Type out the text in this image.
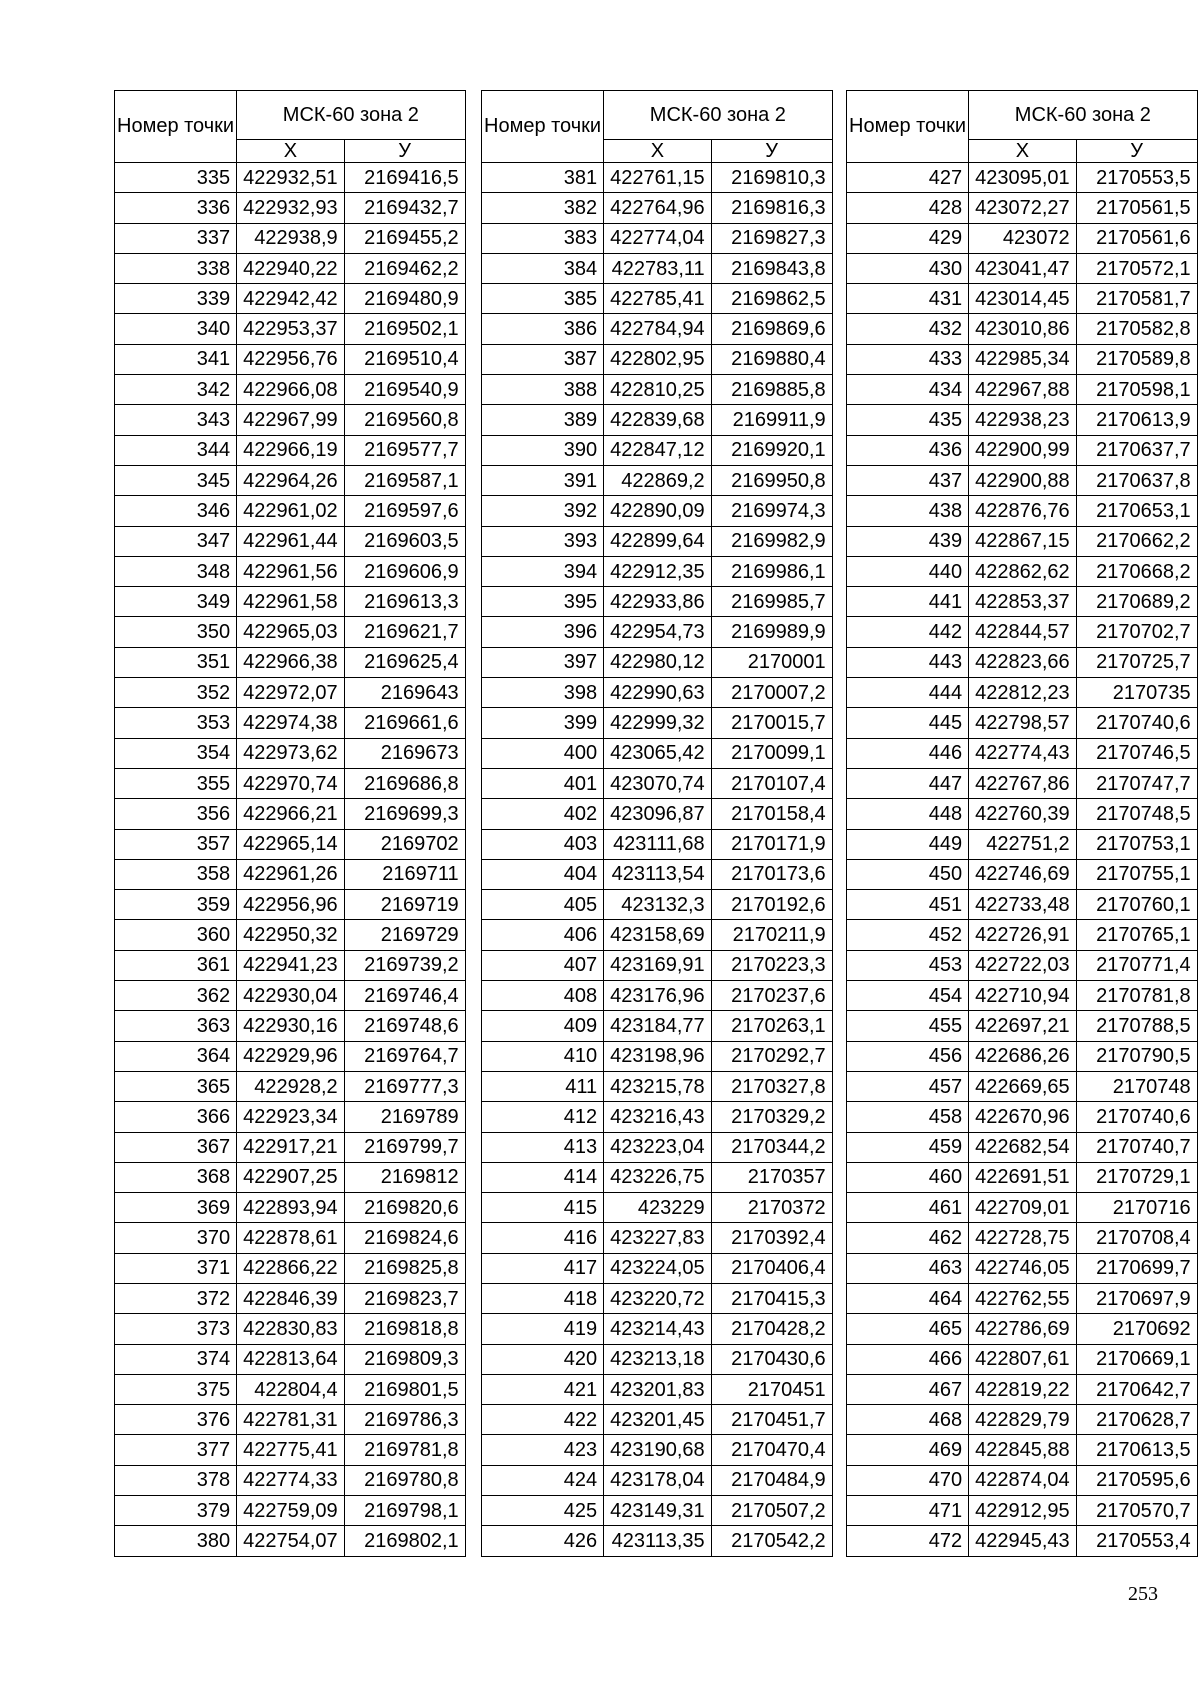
Номер точки	МСК-60 зона 2	
	Х	У
335	422932,51	2169416,5
336	422932,93	2169432,7
337	422938,9	2169455,2
338	422940,22	2169462,2
339	422942,42	2169480,9
340	422953,37	2169502,1
341	422956,76	2169510,4
342	422966,08	2169540,9
343	422967,99	2169560,8
344	422966,19	2169577,7
345	422964,26	2169587,1
346	422961,02	2169597,6
347	422961,44	2169603,5
348	422961,56	2169606,9
349	422961,58	2169613,3
350	422965,03	2169621,7
351	422966,38	2169625,4
352	422972,07	2169643
353	422974,38	2169661,6
354	422973,62	2169673
355	422970,74	2169686,8
356	422966,21	2169699,3
357	422965,14	2169702
358	422961,26	2169711
359	422956,96	2169719
360	422950,32	2169729
361	422941,23	2169739,2
362	422930,04	2169746,4
363	422930,16	2169748,6
364	422929,96	2169764,7
365	422928,2	2169777,3
366	422923,34	2169789
367	422917,21	2169799,7
368	422907,25	2169812
369	422893,94	2169820,6
370	422878,61	2169824,6
371	422866,22	2169825,8
372	422846,39	2169823,7
373	422830,83	2169818,8
374	422813,64	2169809,3
375	422804,4	2169801,5
376	422781,31	2169786,3
377	422775,41	2169781,8
378	422774,33	2169780,8
379	422759,09	2169798,1
380	422754,07	2169802,1
Номер точки	МСК-60 зона 2	
	Х	У
381	422761,15	2169810,3
382	422764,96	2169816,3
383	422774,04	2169827,3
384	422783,11	2169843,8
385	422785,41	2169862,5
386	422784,94	2169869,6
387	422802,95	2169880,4
388	422810,25	2169885,8
389	422839,68	2169911,9
390	422847,12	2169920,1
391	422869,2	2169950,8
392	422890,09	2169974,3
393	422899,64	2169982,9
394	422912,35	2169986,1
395	422933,86	2169985,7
396	422954,73	2169989,9
397	422980,12	2170001
398	422990,63	2170007,2
399	422999,32	2170015,7
400	423065,42	2170099,1
401	423070,74	2170107,4
402	423096,87	2170158,4
403	423111,68	2170171,9
404	423113,54	2170173,6
405	423132,3	2170192,6
406	423158,69	2170211,9
407	423169,91	2170223,3
408	423176,96	2170237,6
409	423184,77	2170263,1
410	423198,96	2170292,7
411	423215,78	2170327,8
412	423216,43	2170329,2
413	423223,04	2170344,2
414	423226,75	2170357
415	423229	2170372
416	423227,83	2170392,4
417	423224,05	2170406,4
418	423220,72	2170415,3
419	423214,43	2170428,2
420	423213,18	2170430,6
421	423201,83	2170451
422	423201,45	2170451,7
423	423190,68	2170470,4
424	423178,04	2170484,9
425	423149,31	2170507,2
426	423113,35	2170542,2
Номер точки	МСК-60 зона 2	
	Х	У
427	423095,01	2170553,5
428	423072,27	2170561,5
429	423072	2170561,6
430	423041,47	2170572,1
431	423014,45	2170581,7
432	423010,86	2170582,8
433	422985,34	2170589,8
434	422967,88	2170598,1
435	422938,23	2170613,9
436	422900,99	2170637,7
437	422900,88	2170637,8
438	422876,76	2170653,1
439	422867,15	2170662,2
440	422862,62	2170668,2
441	422853,37	2170689,2
442	422844,57	2170702,7
443	422823,66	2170725,7
444	422812,23	2170735
445	422798,57	2170740,6
446	422774,43	2170746,5
447	422767,86	2170747,7
448	422760,39	2170748,5
449	422751,2	2170753,1
450	422746,69	2170755,1
451	422733,48	2170760,1
452	422726,91	2170765,1
453	422722,03	2170771,4
454	422710,94	2170781,8
455	422697,21	2170788,5
456	422686,26	2170790,5
457	422669,65	2170748
458	422670,96	2170740,6
459	422682,54	2170740,7
460	422691,51	2170729,1
461	422709,01	2170716
462	422728,75	2170708,4
463	422746,05	2170699,7
464	422762,55	2170697,9
465	422786,69	2170692
466	422807,61	2170669,1
467	422819,22	2170642,7
468	422829,79	2170628,7
469	422845,88	2170613,5
470	422874,04	2170595,6
471	422912,95	2170570,7
472	422945,43	2170553,4
253
